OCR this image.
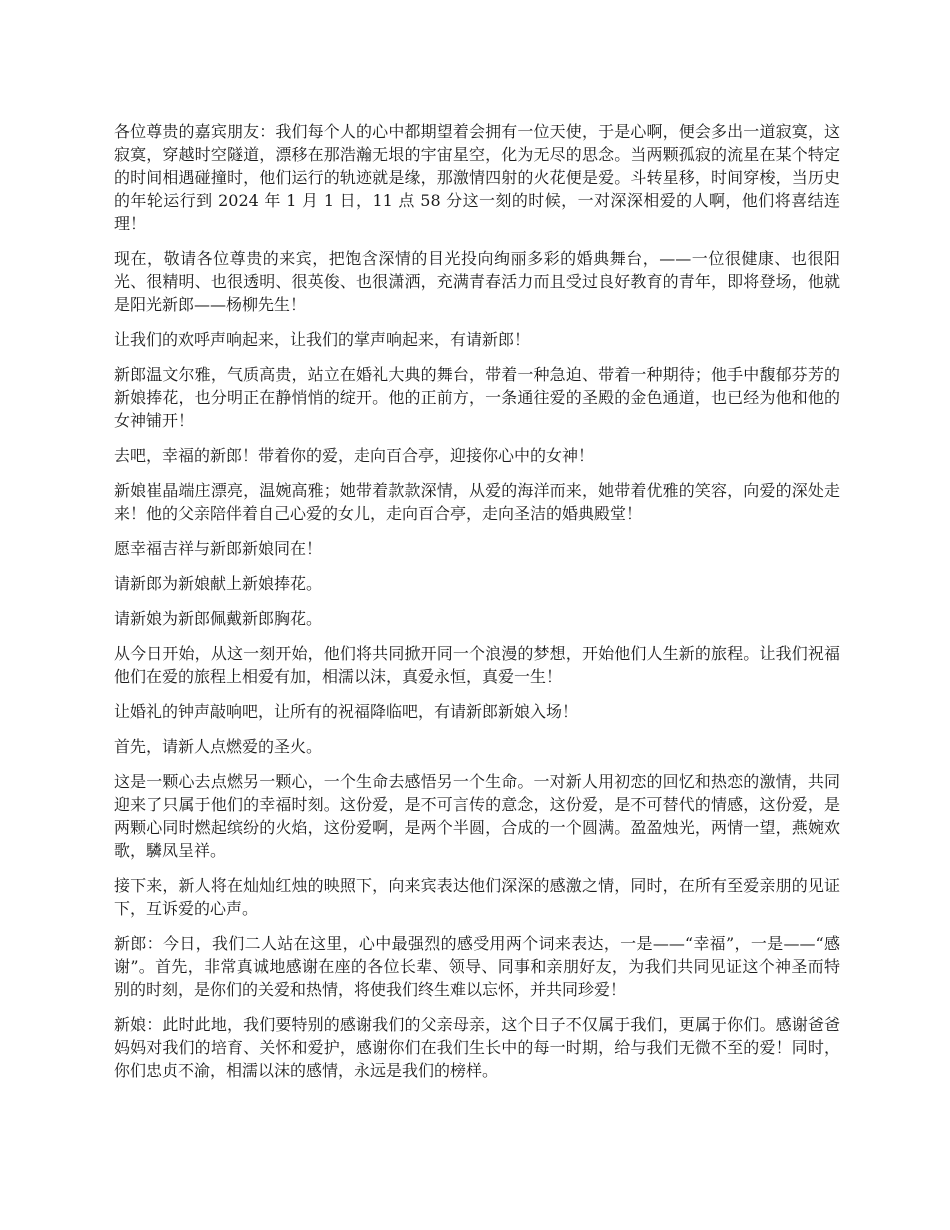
各位尊贵的嘉宾朋友：我们每个人的心中都期望着会拥有一位天使，于是心啊，便会多出一道寂寞，这寂寞，穿越时空隧道，漂移在那浩瀚无垠的宇宙星空，化为无尽的思念。当两颗孤寂的流星在某个特定的时间相遇碰撞时，他们运行的轨迹就是缘，那激情四射的火花便是爱。斗转星移，时间穿梭，当历史的年轮运行到 2024 年 1 月 1 日，11 点 58 分这一刻的时候，一对深深相爱的人啊，他们将喜结连理！

现在，敬请各位尊贵的来宾，把饱含深情的目光投向绚丽多彩的婚典舞台，——一位很健康、也很阳光、很精明、也很透明、很英俊、也很潇洒，充满青春活力而且受过良好教育的青年，即将登场，他就是阳光新郎——杨柳先生！

让我们的欢呼声响起来，让我们的掌声响起来，有请新郎！

新郎温文尔雅，气质高贵，站立在婚礼大典的舞台，带着一种急迫、带着一种期待；他手中馥郁芬芳的新娘捧花，也分明正在静悄悄的绽开。他的正前方，一条通往爱的圣殿的金色通道，也已经为他和他的女神铺开！

去吧，幸福的新郎！带着你的爱，走向百合亭，迎接你心中的女神！

新娘崔晶端庄漂亮，温婉高雅；她带着款款深情，从爱的海洋而来，她带着优雅的笑容，向爱的深处走来！他的父亲陪伴着自己心爱的女儿，走向百合亭，走向圣洁的婚典殿堂！

愿幸福吉祥与新郎新娘同在！

请新郎为新娘献上新娘捧花。

请新娘为新郎佩戴新郎胸花。

从今日开始，从这一刻开始，他们将共同掀开同一个浪漫的梦想，开始他们人生新的旅程。让我们祝福他们在爱的旅程上相爱有加，相濡以沫，真爱永恒，真爱一生！

让婚礼的钟声敲响吧，让所有的祝福降临吧，有请新郎新娘入场！

首先，请新人点燃爱的圣火。

这是一颗心去点燃另一颗心，一个生命去感悟另一个生命。一对新人用初恋的回忆和热恋的激情，共同迎来了只属于他们的幸福时刻。这份爱，是不可言传的意念，这份爱，是不可替代的情感，这份爱，是两颗心同时燃起缤纷的火焰，这份爱啊，是两个半圆，合成的一个圆满。盈盈烛光，两情一望，燕婉欢歌，驎凤呈祥。

接下来，新人将在灿灿红烛的映照下，向来宾表达他们深深的感激之情，同时，在所有至爱亲朋的见证下，互诉爱的心声。

新郎：今日，我们二人站在这里，心中最强烈的感受用两个词来表达，一是——“幸福”，一是——“感谢”。首先，非常真诚地感谢在座的各位长辈、领导、同事和亲朋好友，为我们共同见证这个神圣而特别的时刻，是你们的关爱和热情，将使我们终生难以忘怀，并共同珍爱！

新娘：此时此地，我们要特别的感谢我们的父亲母亲，这个日子不仅属于我们，更属于你们。感谢爸爸妈妈对我们的培育、关怀和爱护，感谢你们在我们生长中的每一时期，给与我们无微不至的爱！同时，你们忠贞不渝，相濡以沫的感情，永远是我们的榜样。
